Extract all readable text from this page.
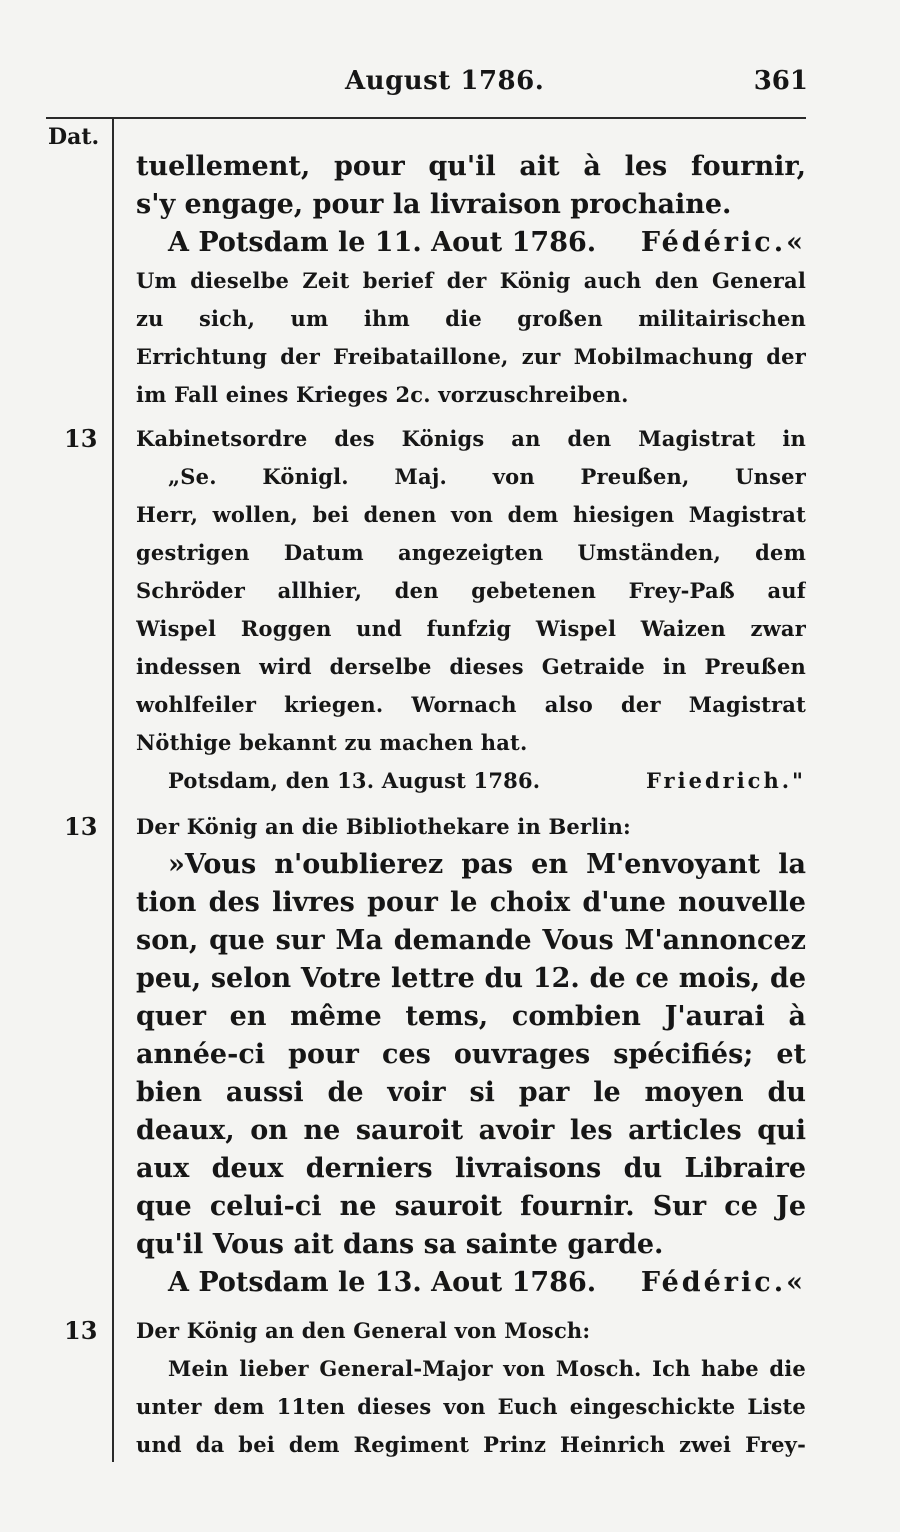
August 1786.	361
Dat.
13
13
13
tuellement, pour qu'il ait à les fournir,
s'y engage, pour la livraison prochaine.
A Potsdam le 11. Aout 1786. Fédéric.«
Um dieselbe Zeit berief der König auch den General
zu sich, um ihm die großen militairischen
Errichtung der Freibataillone, zur Mobilmachung der
im Fall eines Krieges 2c. vorzuschreiben.
Kabinetsordre des Königs an den Magistrat in
„Se. Königl. Maj. von Preußen, Unser
Herr, wollen, bei denen von dem hiesigen Magistrat
gestrigen Datum angezeigten Umständen, dem
Schröder allhier, den gebetenen Frey-Paß auf
Wispel Roggen und funfzig Wispel Waizen zwar
indessen wird derselbe dieses Getraide in Preußen
wohlfeiler kriegen. Wornach also der Magistrat
Nöthige bekannt zu machen hat.
Potsdam, den 13. August 1786.	Friedrich."
Der König an die Bibliothekare in Berlin:
»Vous n'oublierez pas en M'envoyant la
tion des livres pour le choix d'une nouvelle
son, que sur Ma demande Vous M'annoncez
peu, selon Votre lettre du 12. de ce mois, de
quer en même tems, combien J'aurai à
année-ci pour ces ouvrages spécifiés; et
bien aussi de voir si par le moyen du
deaux, on ne sauroit avoir les articles qui
aux deux derniers livraisons du Libraire
que celui-ci ne sauroit fournir. Sur ce Je
qu'il Vous ait dans sa sainte garde.
A Potsdam le 13. Aout 1786. Fédéric.«
Der König an den General von Mosch:
Mein lieber General-Major von Mosch. Ich habe die
unter dem 11ten dieses von Euch eingeschickte Liste
und da bei dem Regiment Prinz Heinrich zwei Frey-
